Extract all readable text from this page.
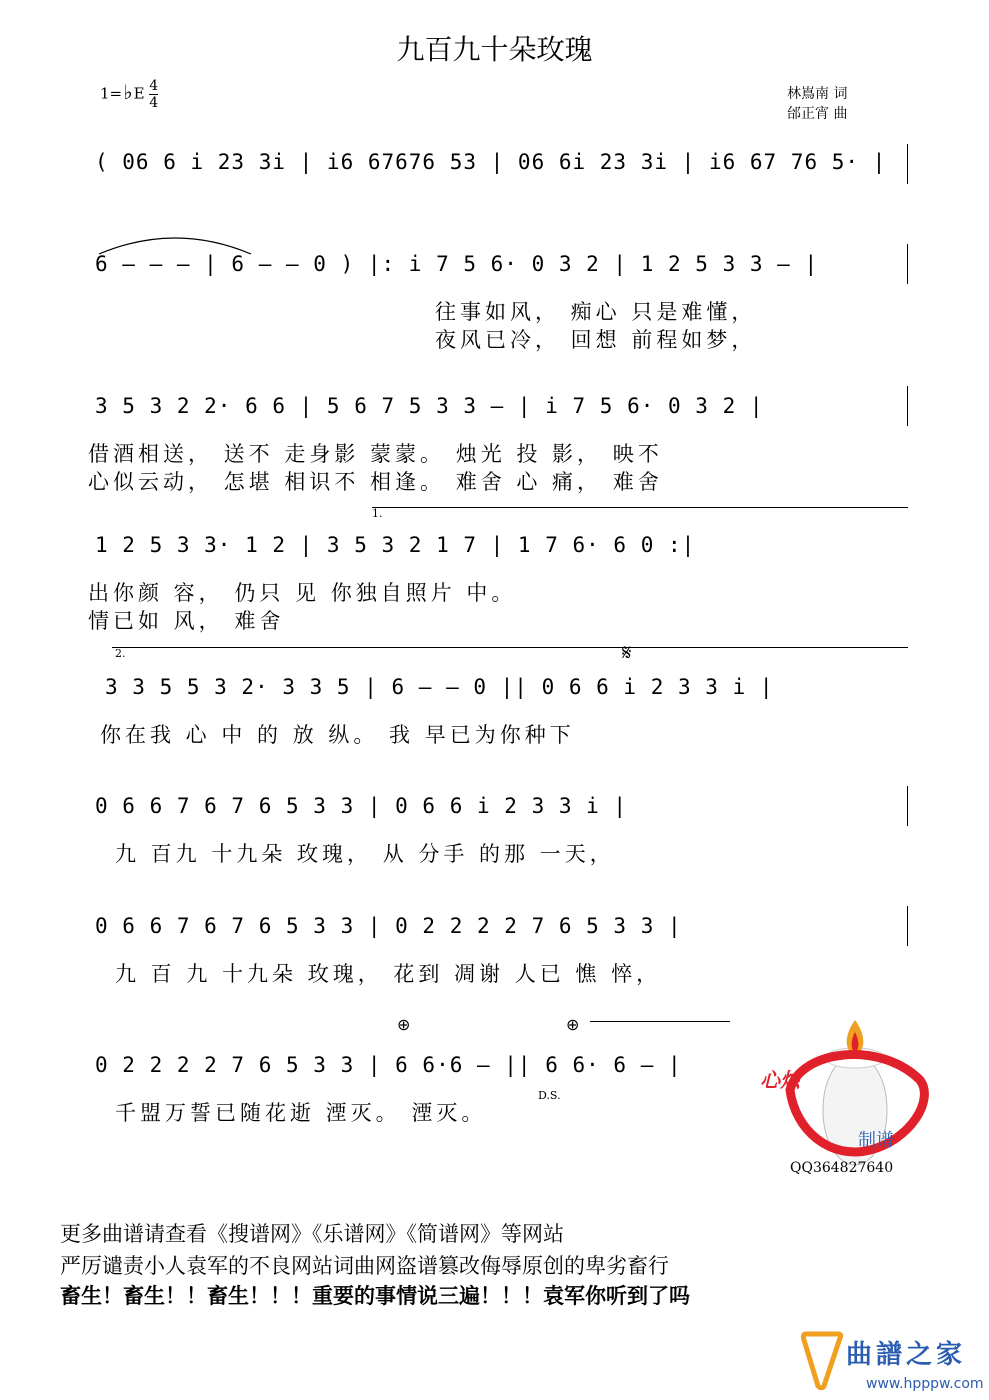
九百九十朵玫瑰
1=♭E $\frac{4}{4}$	林嶌南 词
邰正宵 曲
( 06 6 i 23 3i | i6 67676 53 | 06 6i 23 3i | i6 67 76 5· |
6 – – – | 6 – – 0 ) |: i 7 5 6· 0 3 2 | 1 2 5 3 3 – |
往事如风， 痴心 只是难懂，
夜风已冷， 回想 前程如梦，
3 5 3 2 2· 6 6 | 5 6 7 5 3 3 – | i 7 5 6· 0 3 2 |
借酒相送， 送不 走身影 蒙蒙。 烛光 投 影， 映不
心似云动， 怎堪 相识不 相逢。 难舍 心 痛， 难舍
1.
1 2 5 3 3· 1 2 | 3 5 3 2 1 7 | 1 7 6· 6 0 :|
出你颜 容， 仍只 见 你独自照片 中。
情已如 风， 难舍
2.	𝄋
3 3 5 5 3 2· 3 3 5 | 6 – – 0 || 0 6 6 i 2 3 3 i |
你在我 心 中 的 放 纵。 我 早已为你种下
0 6 6 7 6 7 6 5 3 3 | 0 6 6 i 2 3 3 i |
九 百九 十九朵 玫瑰， 从 分手 的那 一天，
0 6 6 7 6 7 6 5 3 3 | 0 2 2 2 2 7 6 5 3 3 |
九 百 九 十九朵 玫瑰， 花到 凋谢 人已 憔 悴，
⊕	⊕
0 2 2 2 2 7 6 5 3 3 | 6 6·6 – || 6 6· 6 – |
D.S.
千盟万誓已随花逝 湮灭。 湮灭。
心烛
制谱
QQ364827640
更多曲谱请查看《搜谱网》《乐谱网》《简谱网》等网站
严厉谴责小人袁军的不良网站词曲网盗谱篡改侮辱原创的卑劣畜行
畜生！畜生！！畜生！！！重要的事情说三遍！！！袁军你听到了吗
曲譜之家
www.hpppw.com
